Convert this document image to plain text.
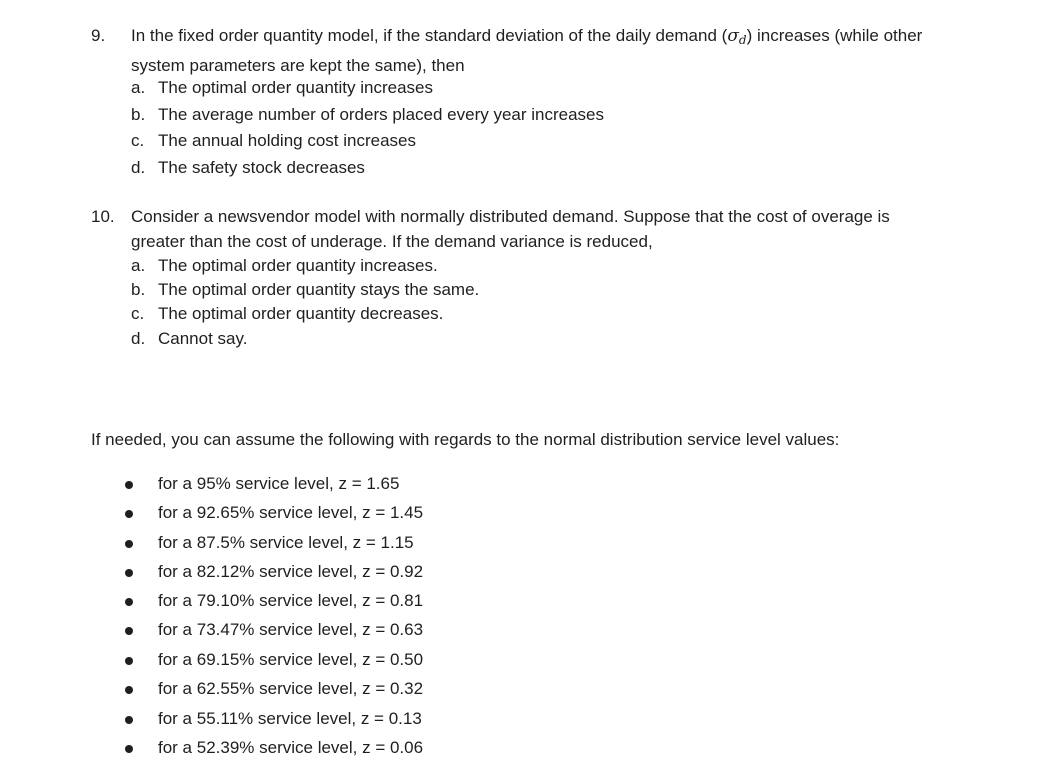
9. In the fixed order quantity model, if the standard deviation of the daily demand (σd) increases (while other system parameters are kept the same), then
a. The optimal order quantity increases
b. The average number of orders placed every year increases
c. The annual holding cost increases
d. The safety stock decreases
10. Consider a newsvendor model with normally distributed demand. Suppose that the cost of overage is greater than the cost of underage. If the demand variance is reduced,
a. The optimal order quantity increases.
b. The optimal order quantity stays the same.
c. The optimal order quantity decreases.
d. Cannot say.
If needed, you can assume the following with regards to the normal distribution service level values:
for a 95% service level, z = 1.65
for a 92.65% service level, z = 1.45
for a 87.5% service level, z = 1.15
for a 82.12% service level, z = 0.92
for a 79.10% service level, z = 0.81
for a 73.47% service level, z = 0.63
for a 69.15% service level, z = 0.50
for a 62.55% service level, z = 0.32
for a 55.11% service level, z = 0.13
for a 52.39% service level, z = 0.06
